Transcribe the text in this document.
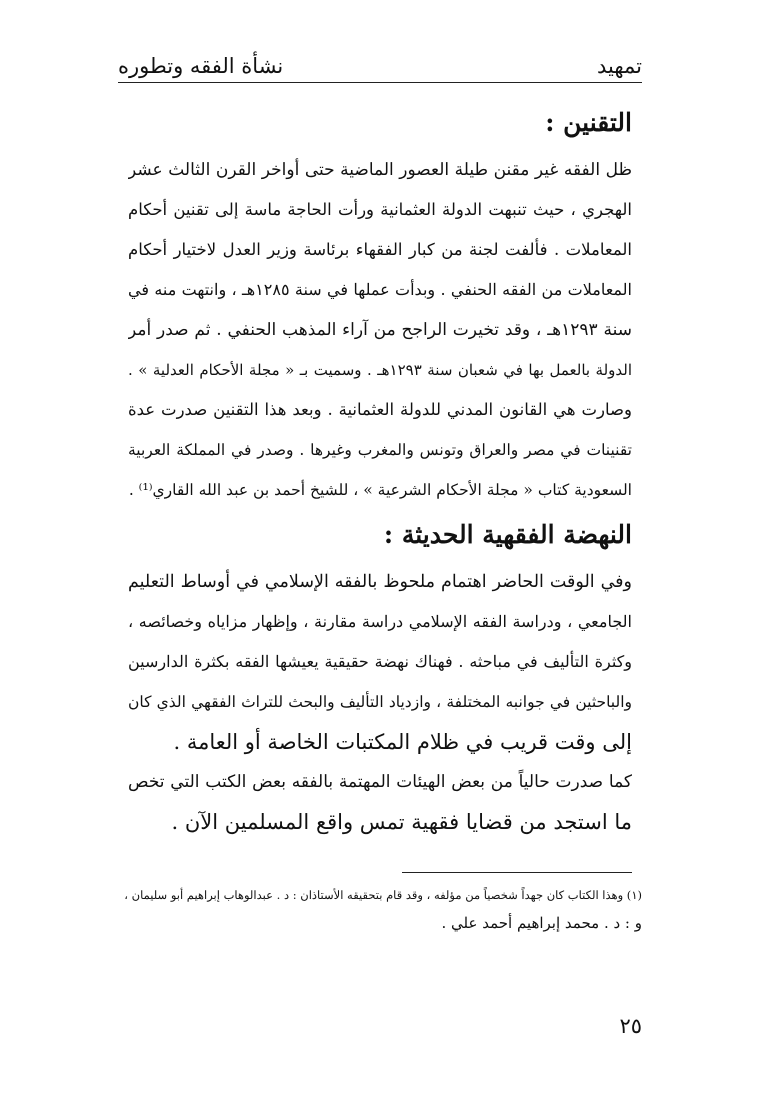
تمهيد
نشأة الفقه وتطوره
التقنين :
ظل الفقه غير مقنن طيلة العصور الماضية حتى أواخر القرن الثالث عشر
الهجري ، حيث تنبهت الدولة العثمانية ورأت الحاجة ماسة إلى تقنين أحكام
المعاملات . فألفت لجنة من كبار الفقهاء برئاسة وزير العدل لاختيار أحكام
المعاملات من الفقه الحنفي . وبدأت عملها في سنة ١٢٨٥هـ ، وانتهت منه في
سنة ١٢٩٣هـ ، وقد تخيرت الراجح من آراء المذهب الحنفي . ثم صدر أمر
الدولة بالعمل بها في شعبان سنة ١٢٩٣هـ . وسميت بـ « مجلة الأحكام العدلية » .
وصارت هي القانون المدني للدولة العثمانية . وبعد هذا التقنين صدرت عدة
تقنينات في مصر والعراق وتونس والمغرب وغيرها . وصدر في المملكة العربية
السعودية كتاب « مجلة الأحكام الشرعية » ، للشيخ أحمد بن عبد الله القاري⁽¹⁾ .
النهضة الفقهية الحديثة :
وفي الوقت الحاضر اهتمام ملحوظ بالفقه الإسلامي في أوساط التعليم
الجامعي ، ودراسة الفقه الإسلامي دراسة مقارنة ، وإظهار مزاياه وخصائصه ،
وكثرة التأليف في مباحثه . فهناك نهضة حقيقية يعيشها الفقه بكثرة الدارسين
والباحثين في جوانبه المختلفة ، وازدياد التأليف والبحث للتراث الفقهي الذي كان
إلى وقت قريب في ظلام المكتبات الخاصة أو العامة .
كما صدرت حالياً من بعض الهيئات المهتمة بالفقه بعض الكتب التي تخص
ما استجد من قضايا فقهية تمس واقع المسلمين الآن .
(١) وهذا الكتاب كان جهداً شخصياً من مؤلفه ، وقد قام بتحقيقه الأستاذان : د . عبدالوهاب إبراهيم أبو سليمان ،
و : د . محمد إبراهيم أحمد علي .
٢٥
